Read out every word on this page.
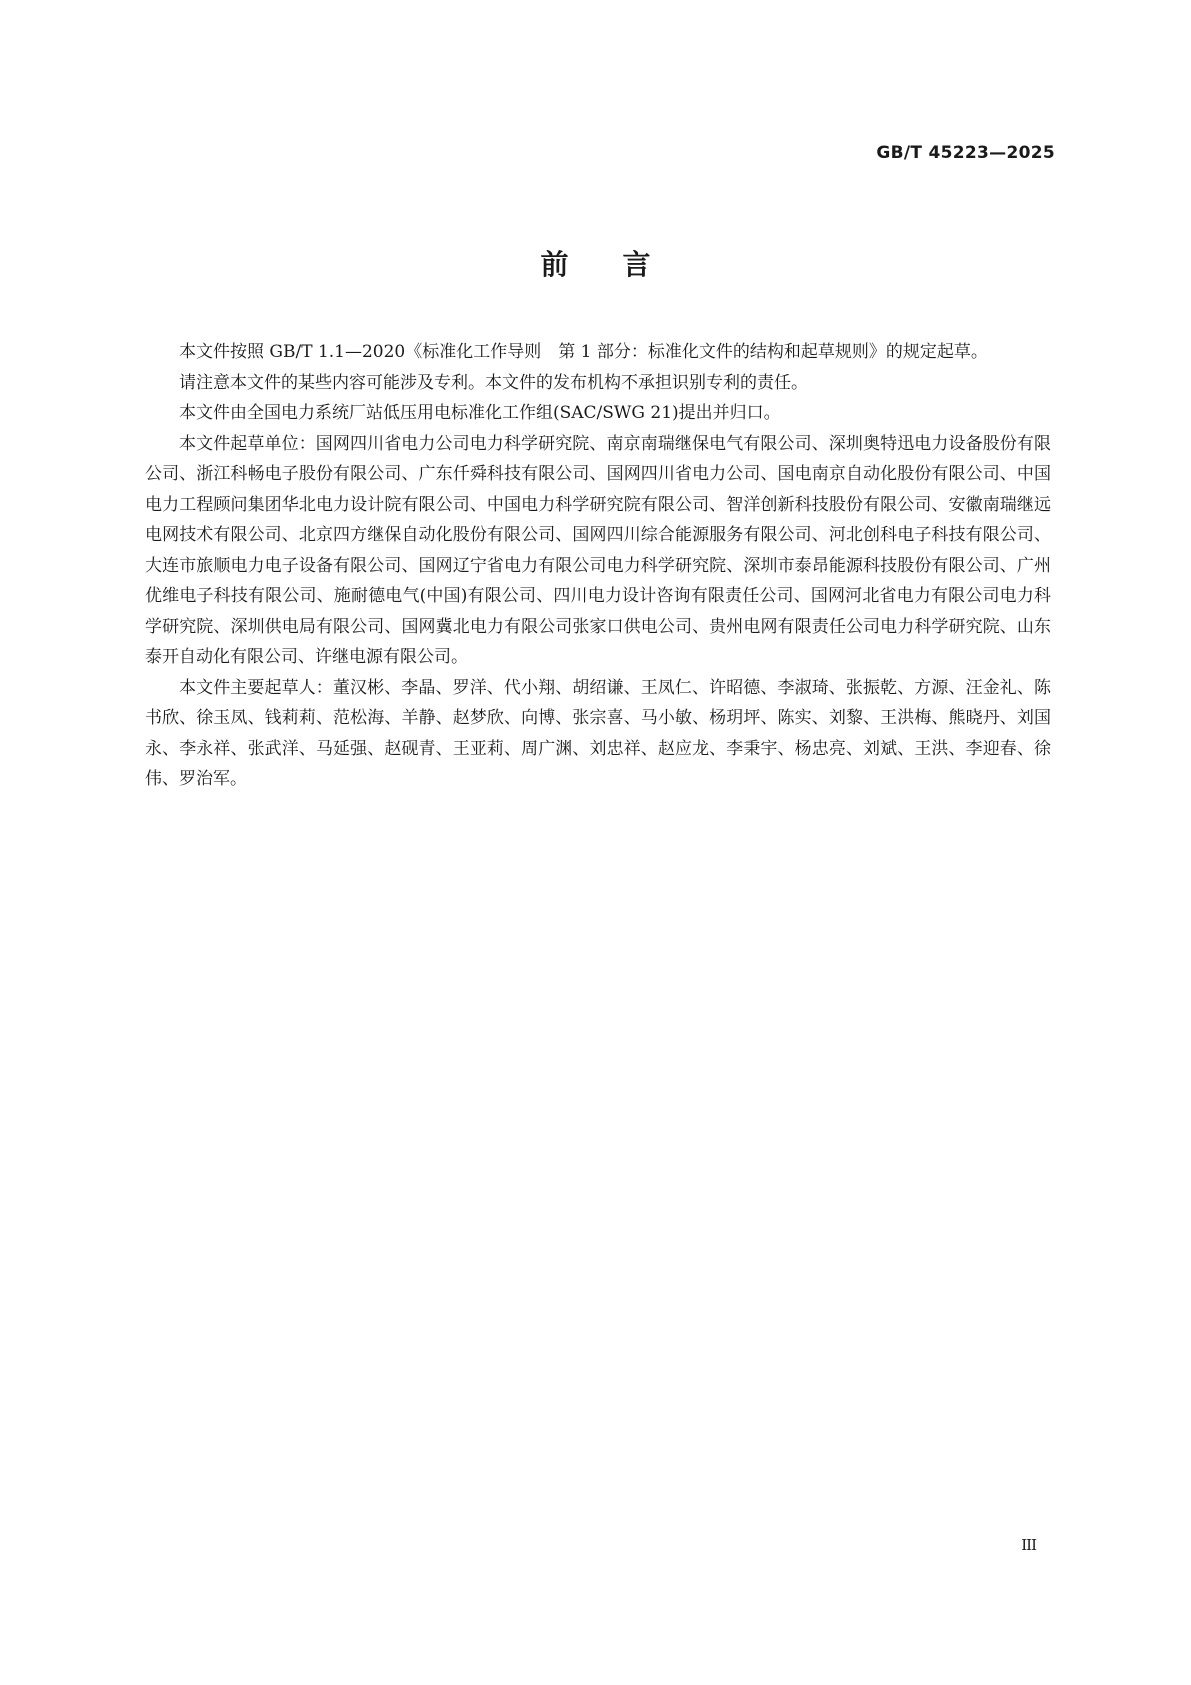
GB/T 45223—2025
前言

本文件按照 GB/T 1.1—2020《标准化工作导则　第 1 部分：标准化文件的结构和起草规则》的规定起草。

请注意本文件的某些内容可能涉及专利。本文件的发布机构不承担识别专利的责任。

本文件由全国电力系统厂站低压用电标准化工作组(SAC/SWG 21)提出并归口。

本文件起草单位：国网四川省电力公司电力科学研究院、南京南瑞继保电气有限公司、深圳奥特迅电力设备股份有限公司、浙江科畅电子股份有限公司、广东仟舜科技有限公司、国网四川省电力公司、国电南京自动化股份有限公司、中国电力工程顾问集团华北电力设计院有限公司、中国电力科学研究院有限公司、智洋创新科技股份有限公司、安徽南瑞继远电网技术有限公司、北京四方继保自动化股份有限公司、国网四川综合能源服务有限公司、河北创科电子科技有限公司、大连市旅顺电力电子设备有限公司、国网辽宁省电力有限公司电力科学研究院、深圳市泰昂能源科技股份有限公司、广州优维电子科技有限公司、施耐德电气(中国)有限公司、四川电力设计咨询有限责任公司、国网河北省电力有限公司电力科学研究院、深圳供电局有限公司、国网冀北电力有限公司张家口供电公司、贵州电网有限责任公司电力科学研究院、山东泰开自动化有限公司、许继电源有限公司。

本文件主要起草人：董汉彬、李晶、罗洋、代小翔、胡绍谦、王凤仁、许昭德、李淑琦、张振乾、方源、汪金礼、陈书欣、徐玉凤、钱莉莉、范松海、羊静、赵梦欣、向博、张宗喜、马小敏、杨玥坪、陈实、刘黎、王洪梅、熊晓丹、刘国永、李永祥、张武洋、马延强、赵砚青、王亚莉、周广渊、刘忠祥、赵应龙、李秉宇、杨忠亮、刘斌、王洪、李迎春、徐伟、罗治军。

III
